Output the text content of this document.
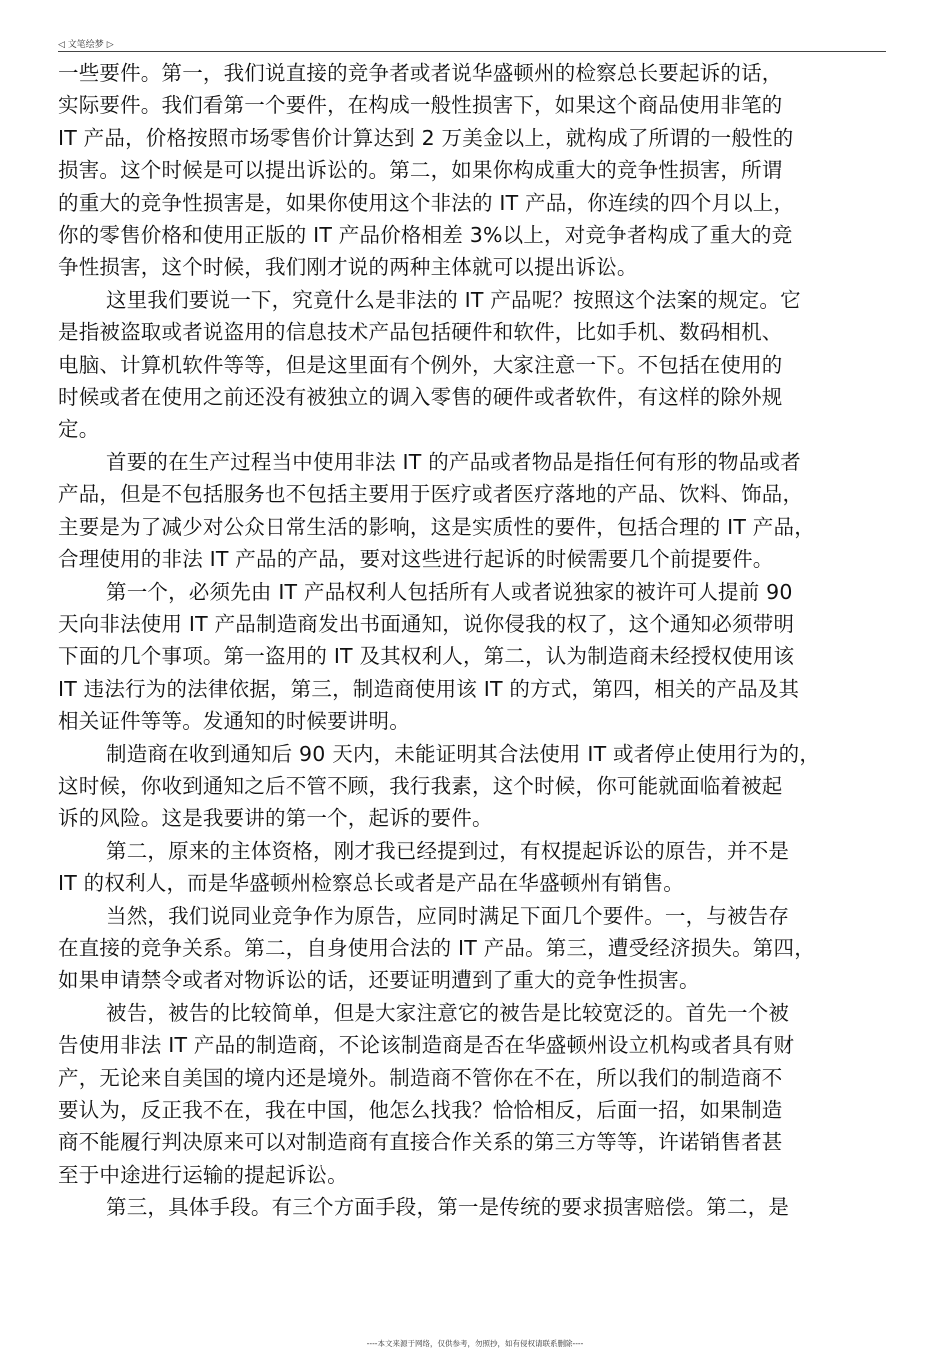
◁ 文笔绘梦 ▷

一些要件。第一，我们说直接的竞争者或者说华盛顿州的检察总长要起诉的话，

实际要件。我们看第一个要件，在构成一般性损害下，如果这个商品使用非笔的

IT 产品，价格按照市场零售价计算达到 2 万美金以上，就构成了所谓的一般性的

损害。这个时候是可以提出诉讼的。第二，如果你构成重大的竞争性损害，所谓

的重大的竞争性损害是，如果你使用这个非法的 IT 产品，你连续的四个月以上，

你的零售价格和使用正版的 IT 产品价格相差 3%以上，对竞争者构成了重大的竞

争性损害，这个时候，我们刚才说的两种主体就可以提出诉讼。

这里我们要说一下，究竟什么是非法的 IT 产品呢？按照这个法案的规定。它

是指被盗取或者说盗用的信息技术产品包括硬件和软件，比如手机、数码相机、

电脑、计算机软件等等，但是这里面有个例外，大家注意一下。不包括在使用的

时候或者在使用之前还没有被独立的调入零售的硬件或者软件，有这样的除外规

定。

首要的在生产过程当中使用非法 IT 的产品或者物品是指任何有形的物品或者

产品，但是不包括服务也不包括主要用于医疗或者医疗落地的产品、饮料、饰品，

主要是为了减少对公众日常生活的影响，这是实质性的要件，包括合理的 IT 产品，

合理使用的非法 IT 产品的产品，要对这些进行起诉的时候需要几个前提要件。

第一个，必须先由 IT 产品权利人包括所有人或者说独家的被许可人提前 90

天向非法使用 IT 产品制造商发出书面通知，说你侵我的权了，这个通知必须带明

下面的几个事项。第一盗用的 IT 及其权利人，第二，认为制造商未经授权使用该

IT 违法行为的法律依据，第三，制造商使用该 IT 的方式，第四，相关的产品及其

相关证件等等。发通知的时候要讲明。

制造商在收到通知后 90 天内，未能证明其合法使用 IT 或者停止使用行为的，

这时候，你收到通知之后不管不顾，我行我素，这个时候，你可能就面临着被起

诉的风险。这是我要讲的第一个，起诉的要件。

第二，原来的主体资格，刚才我已经提到过，有权提起诉讼的原告，并不是

IT 的权利人，而是华盛顿州检察总长或者是产品在华盛顿州有销售。

当然，我们说同业竞争作为原告，应同时满足下面几个要件。一，与被告存

在直接的竞争关系。第二，自身使用合法的 IT 产品。第三，遭受经济损失。第四，

如果申请禁令或者对物诉讼的话，还要证明遭到了重大的竞争性损害。

被告，被告的比较简单，但是大家注意它的被告是比较宽泛的。首先一个被

告使用非法 IT 产品的制造商，不论该制造商是否在华盛顿州设立机构或者具有财

产，无论来自美国的境内还是境外。制造商不管你在不在，所以我们的制造商不

要认为，反正我不在，我在中国，他怎么找我？恰恰相反，后面一招，如果制造

商不能履行判决原来可以对制造商有直接合作关系的第三方等等，许诺销售者甚

至于中途进行运输的提起诉讼。

第三，具体手段。有三个方面手段，第一是传统的要求损害赔偿。第二，是

----本文来源于网络，仅供参考，勿照抄，如有侵权请联系删除----
